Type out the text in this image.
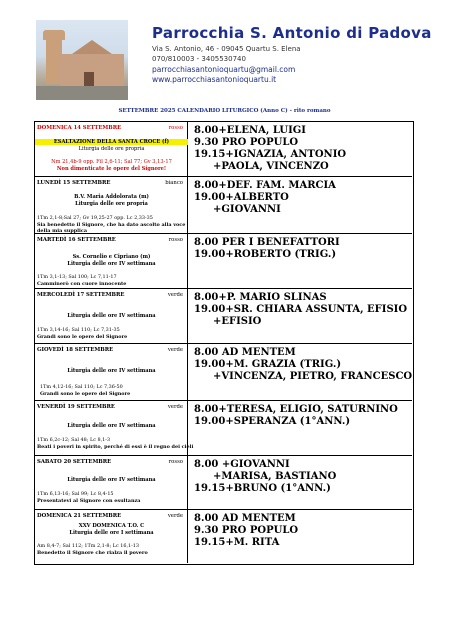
Parrocchia S. Antonio di Padova
Via S. Antonio, 46 - 09045 Quartu S. Elena
070/810003 - 3405530740
parrocchiasantonioquartu@gmail.com
www.parrocchiasantonioquartu.it
SETTEMBRE 2025 CALENDARIO LITURGICO (Anno C) - rito romano
DOMENICA 14 SETTEMBRE	rosso
ESALTAZIONE DELLA SANTA CROCE (f)
Liturgia delle ore propria
Nm 21,4b-9 opp. Fil 2,6-11; Sal 77; Gv 3,13-17
Non dimenticate le opere del Signore!
8.00+ELENA, LUIGI
9.30 PRO POPULO
19.15+IGNAZIA, ANTONIO
+PAOLA, VINCENZO
LUNEDÌ 15 SETTEMBRE	bianco
B.V. Maria Addolorata (m)
Liturgia delle ore propria
1Tm 2,1-8;Sal 27; Gv 19,25-27 opp. Lc 2,33-35
Sia benedetto il Signore, che ha dato ascolto alla voce
della mia supplica
8.00+DEF. FAM. MARCIA
19.00+ALBERTO
+GIOVANNI
MARTEDÌ 16 SETTEMBRE	rosso
Ss. Cornelio e Cipriano (m)
Liturgia delle ore IV settimana
1Tm 3,1-13; Sal 100; Lc 7,11-17
Camminerò con cuore innocente
8.00 PER I BENEFATTORI
19.00+ROBERTO (TRIG.)
MERCOLEDÌ 17 SETTEMBRE	verde
Liturgia delle ore IV settimana
1Tm 3,14-16; Sal 110; Lc 7,31-35
Grandi sono le opere del Signore
8.00+P. MARIO SLINAS
19.00+SR. CHIARA ASSUNTA, EFISIO
+EFISIO
GIOVEDÌ 18 SETTEMBRE	verde
Liturgia delle ore IV settimana
1Tm 4,12-16; Sal 110; Lc 7,36-50
Grandi sono le opere del Signore
8.00 AD MENTEM
19.00+M. GRAZIA (TRIG.)
+VINCENZA, PIETRO, FRANCESCO
VENERDÌ 19 SETTEMBRE	verde
Liturgia delle ore IV settimana
1Tm 6,2c-12; Sal 48; Lc 8,1-3
Beati i poveri in spirito, perché di essi è il regno dei cieli
8.00+TERESA, ELIGIO, SATURNINO
19.00+SPERANZA (1°ANN.)
SABATO 20 SETTEMBRE	rosso
Liturgia delle ore IV settimana
1Tm 6,13-16; Sal 99; Lc 8,4-15
Presentatevi al Signore con esultanza
8.00 +GIOVANNI
+MARISA, BASTIANO
19.15+BRUNO (1°ANN.)
DOMENICA 21 SETTEMBRE	verde
XXV DOMENICA T.O. C
Liturgia delle ore I settimana
Am 8,4-7; Sal 112; 1Tm 2,1-8; Lc 16,1-13
Benedetto il Signore che rialza il povero
8.00 AD MENTEM
9.30 PRO POPULO
19.15+M. RITA
